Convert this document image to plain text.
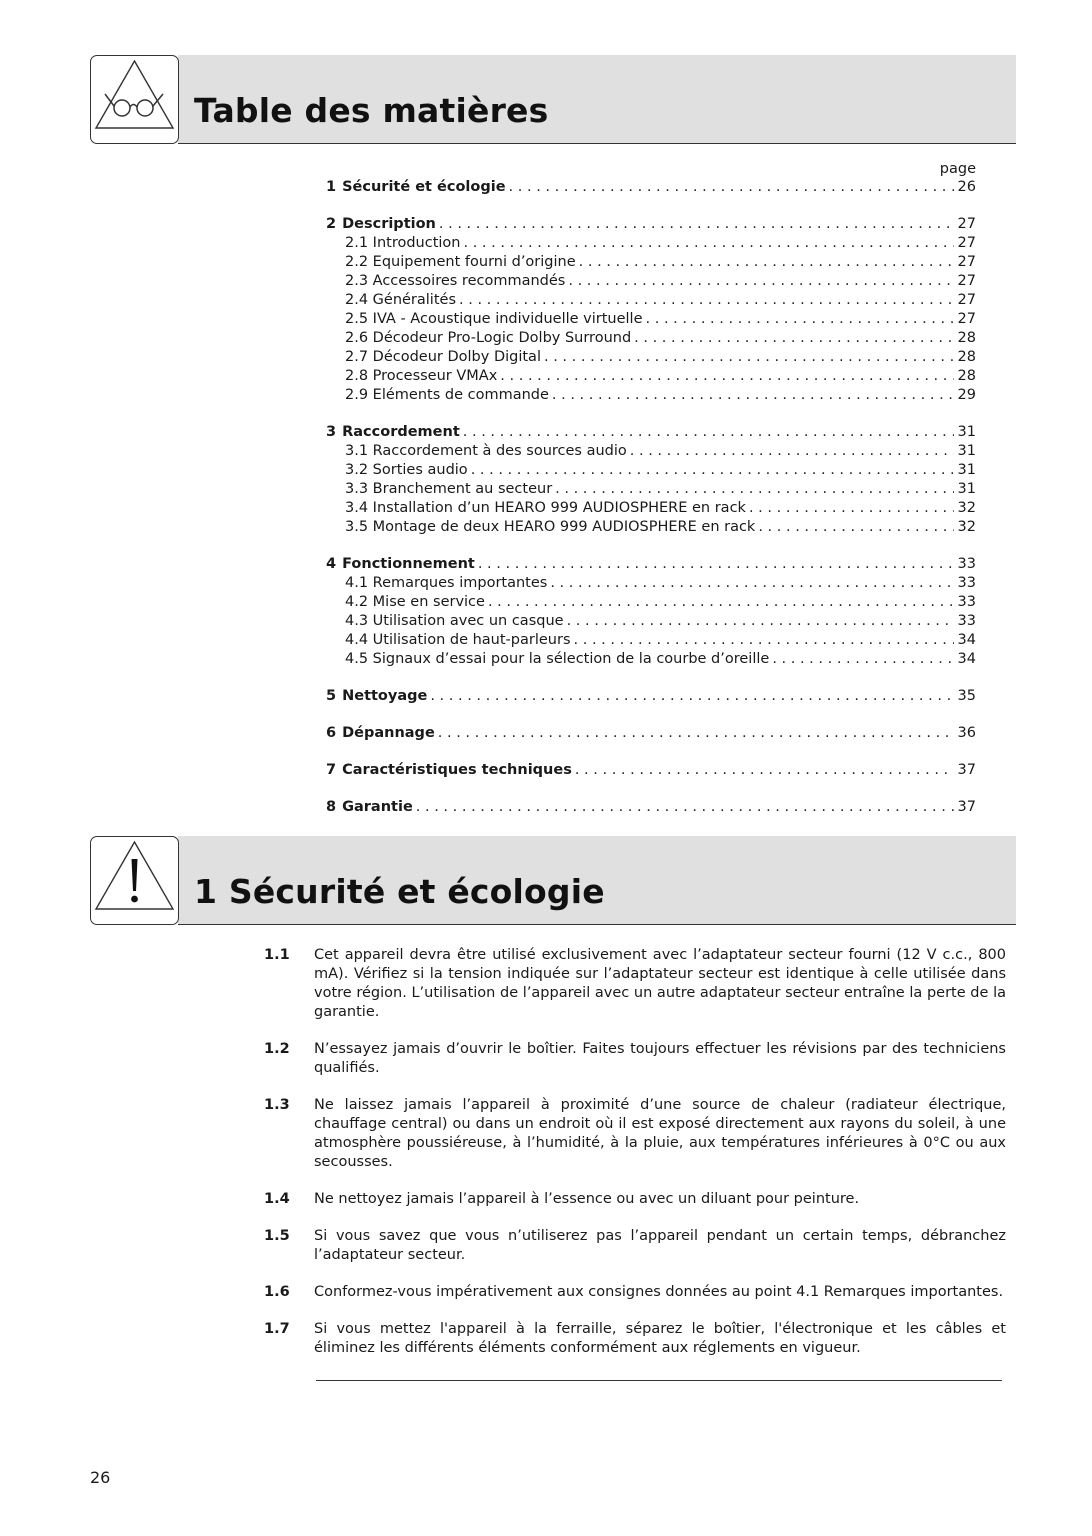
Table des matières
page
1 Sécurité et écologie . . .	26
2 Description . . .	27
2.1 Introduction . . .	27
2.2 Equipement fourni d’origine . . .	27
2.3 Accessoires recommandés . . .	27
2.4 Généralités . . .	27
2.5 IVA - Acoustique individuelle virtuelle . . .	27
2.6 Décodeur Pro-Logic Dolby Surround . . .	28
2.7 Décodeur Dolby Digital . . .	28
2.8 Processeur VMAx . . .	28
2.9 Eléments de commande . . .	29
3 Raccordement . . .	31
3.1 Raccordement à des sources audio . . .	31
3.2 Sorties audio . . .	31
3.3 Branchement au secteur . . .	31
3.4 Installation d’un HEARO 999 AUDIOSPHERE en rack . . .	32
3.5 Montage de deux HEARO 999 AUDIOSPHERE en rack . . .	32
4 Fonctionnement . . .	33
4.1 Remarques importantes . . .	33
4.2 Mise en service . . .	33
4.3 Utilisation avec un casque . . .	33
4.4 Utilisation de haut-parleurs . . .	34
4.5 Signaux d’essai pour la sélection de la courbe d’oreille . . .	34
5 Nettoyage . . .	35
6 Dépannage . . .	36
7 Caractéristiques techniques . . .	37
8 Garantie . . .	37
1 Sécurité et écologie
1.1	Cet appareil devra être utilisé exclusivement avec l’adaptateur secteur fourni (12 V c.c., 800 mA). Vérifiez si la tension indiquée sur l’adaptateur secteur est identique à celle utilisée dans votre région. L’utilisation de l’appareil avec un autre adaptateur secteur entraîne la perte de la garantie.
1.2	N’essayez jamais d’ouvrir le boîtier. Faites toujours effectuer les révisions par des techniciens qualifiés.
1.3	Ne laissez jamais l’appareil à proximité d’une source de chaleur (radiateur électrique, chauffage central) ou dans un endroit où il est exposé directement aux rayons du soleil, à une atmosphère poussiéreuse, à l’humidité, à la pluie, aux températures inférieures à 0°C ou aux secousses.
1.4	Ne nettoyez jamais l’appareil à l’essence ou avec un diluant pour peinture.
1.5	Si vous savez que vous n’utiliserez pas l’appareil pendant un certain temps, débranchez l’adaptateur secteur.
1.6	Conformez-vous impérativement aux consignes données au point 4.1 Remarques importantes.
1.7	Si vous mettez l'appareil à la ferraille, séparez le boîtier, l'électronique et les câbles et éliminez les différents éléments conformément aux réglements en vigueur.
26
